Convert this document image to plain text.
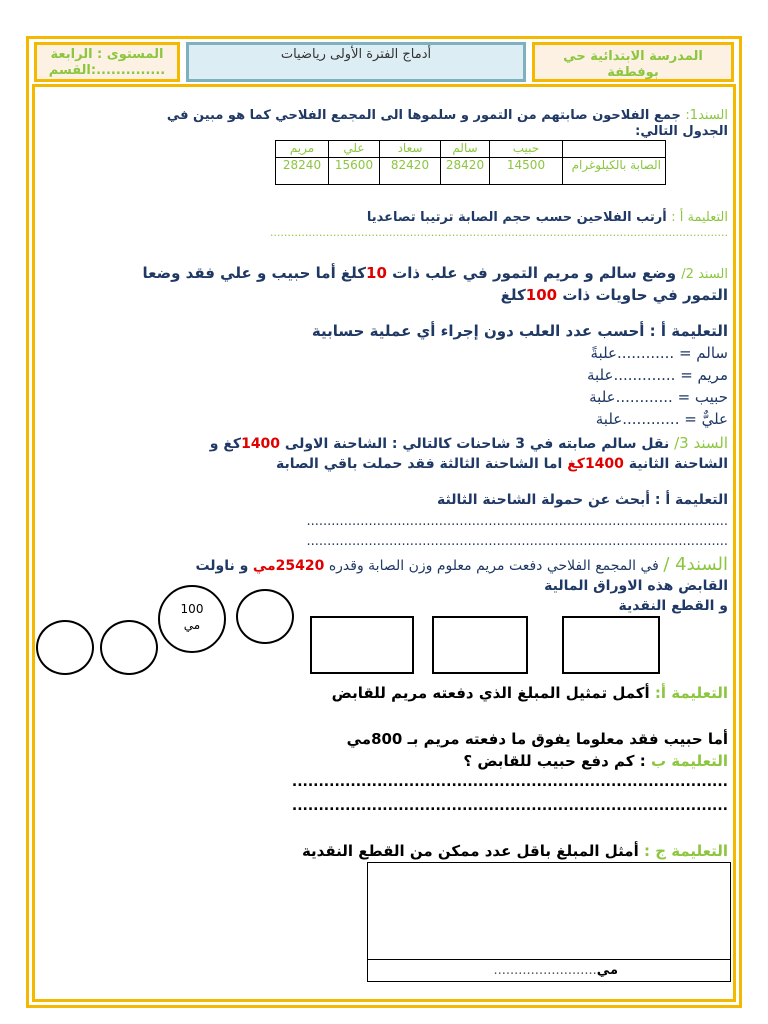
المدرسة الابتدائية حي
بوفطفة
أدماج الفترة الأولى رياضيات
المستوى : الرابعة
القسم:..............
السند1: جمع الفلاحون صابتهم من التمور و سلموها الى المجمع الفلاحي كما هو مبين في
الجدول التالي:
	حبيب	سالم	سعاد	علي	مريم
الصابة بالكيلوغرام	14500	28420	82420	15600	28240
التعليمة أ : أرتب الفلاحين حسب حجم الصابة ترتيبا تصاعديا
...................................................................................................................................
السند 2/ وضع سالم و مريم التمور في علب ذات 10كلغ أما حبيب و علي فقد وضعا
التمور في حاويات ذات 100كلغ
التعليمة أ : أحسب عدد العلب دون إجراء أي عملية حسابية
سالم = ............علبةً
مريم = .............علبة
حبيب = ............علبة
عليٌّ = ............علبة
السند 3/ نقل سالم صابته في 3 شاحنات كالتالي : الشاحنة الاولى 1400كغ و
الشاحنة الثانية 1400كغ اما الشاحنة الثالثة فقد حملت باقي الصابة
التعليمة أ : أبحث عن حمولة الشاحنة الثالثة
......................................................................................................
......................................................................................................
السند4 / في المجمع الفلاحي دفعت مريم معلوم وزن الصابة وقدره 25420مي و ناولت
القابض هذه الاوراق المالية
و القطع النقدية
100
مي
التعليمة أ: أكمل تمثيل المبلغ الذي دفعته مريم للقابض
أما حبيب فقد معلوما يفوق ما دفعته مريم بـ 800مي
التعليمة ب : كم دفع حبيب للقابض ؟
..................................................................................
..................................................................................
التعليمة ج : أمثل المبلغ باقل عدد ممكن من القطع النقدية
مي.........................
